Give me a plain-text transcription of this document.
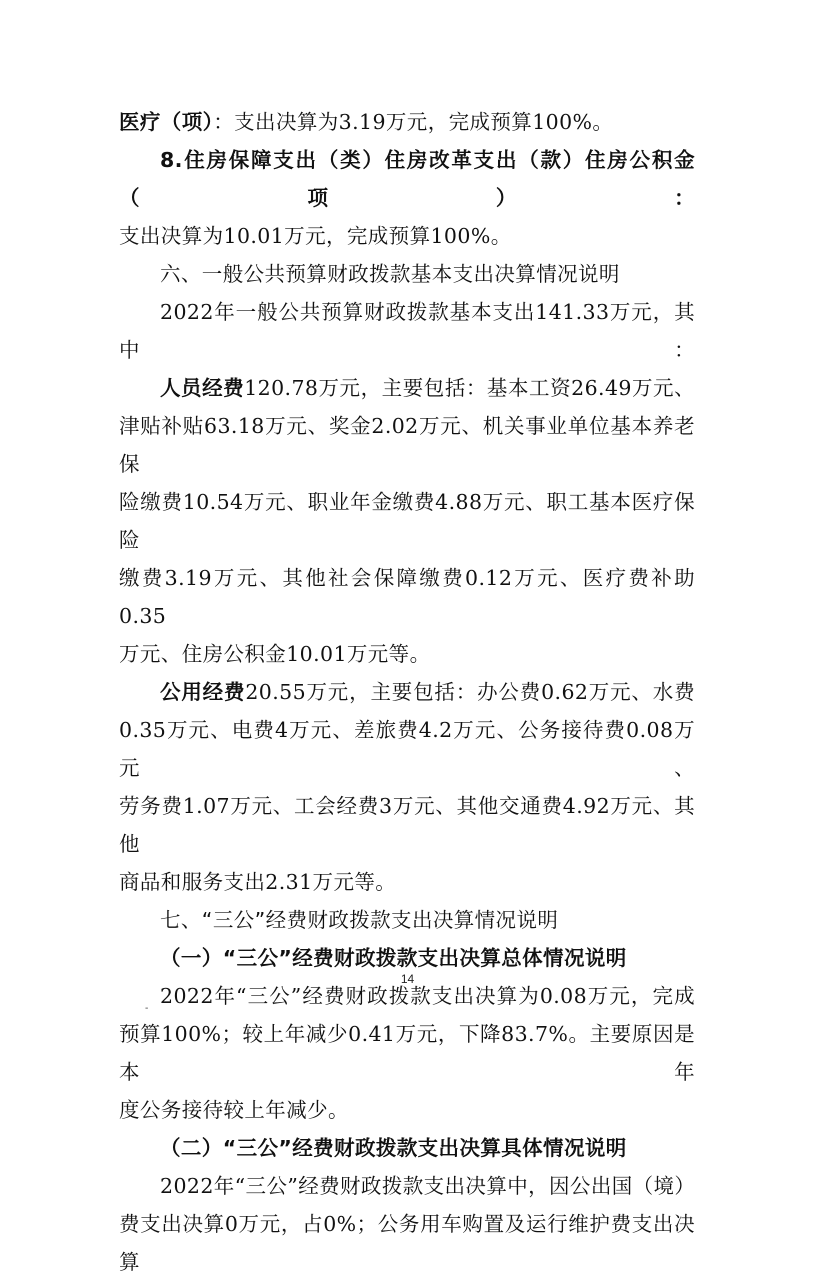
医疗（项）：支出决算为3.19万元，完成预算100%。

8.住房保障支出（类）住房改革支出（款）住房公积金（项）：

支出决算为10.01万元，完成预算100%。

六、一般公共预算财政拨款基本支出决算情况说明

2022年一般公共预算财政拨款基本支出141.33万元，其中：

人员经费120.78万元，主要包括：基本工资26.49万元、

津贴补贴63.18万元、奖金2.02万元、机关事业单位基本养老保

险缴费10.54万元、职业年金缴费4.88万元、职工基本医疗保险

缴费3.19万元、其他社会保障缴费0.12万元、医疗费补助0.35

万元、住房公积金10.01万元等。

公用经费20.55万元，主要包括：办公费0.62万元、水费

0.35万元、电费4万元、差旅费4.2万元、公务接待费0.08万元、

劳务费1.07万元、工会经费3万元、其他交通费4.92万元、其他

商品和服务支出2.31万元等。

七、“三公”经费财政拨款支出决算情况说明

（一）“三公”经费财政拨款支出决算总体情况说明

2022年“三公”经费财政拨款支出决算为0.08万元，完成

预算100%；较上年减少0.41万元，下降83.7%。主要原因是本年

度公务接待较上年减少。

（二）“三公”经费财政拨款支出决算具体情况说明

2022年“三公”经费财政拨款支出决算中，因公出国（境）

费支出决算0万元，占0%；公务用车购置及运行维护费支出决算

14
-
